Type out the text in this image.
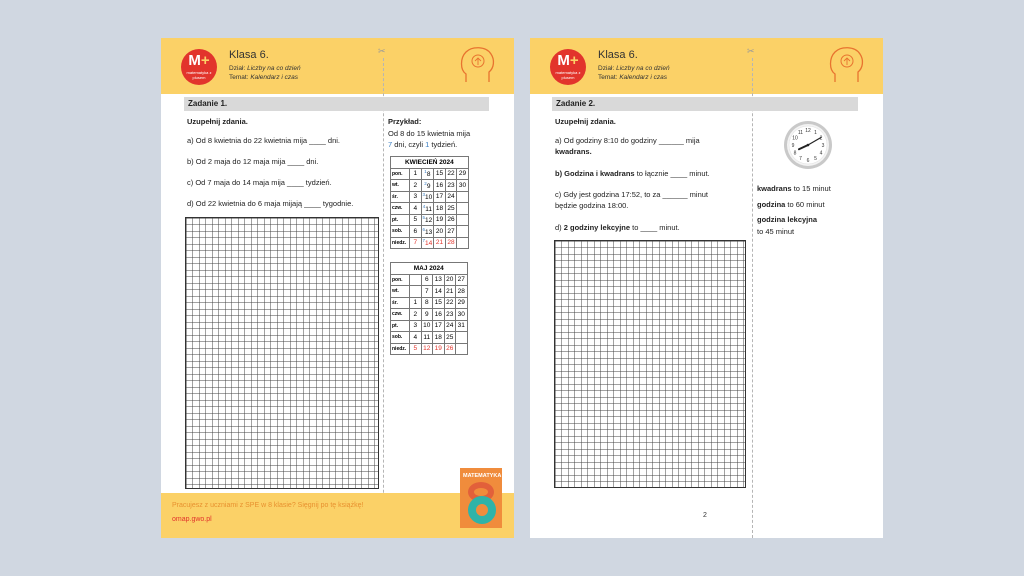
M+
matematyka z plusem
Klasa 6.
Dział: Liczby na co dzień
Temat: Kalendarz i czas
✂
Zadanie 1.
Uzupełnij zdania.
a) Od 8 kwietnia do 22 kwietnia mija ____ dni.
b) Od 2 maja do 12 maja mija ____ dni.
c) Od 7 maja do 14 maja mija ____ tydzień.
d) Od 22 kwietnia do 6 maja mijają ____ tygodnie.
Przykład:
Od 8 do 15 kwietnia mija
7 dni, czyli 1 tydzień.
KWIECIEŃ 2024					
pon.	1	$^1$8	15	22	29
wt.	2	$^2$9	16	23	30
śr.	3	$^3$10	17	24	
czw.	4	$^4$11	18	25	
pt.	5	$^5$12	19	26	
sob.	6	$^6$13	20	27	
niedz.	7	$^7$14	21	28	
MAJ 2024					
pon.		6	13	20	27
wt.		7	14	21	28
śr.	1	8	15	22	29
czw.	2	9	16	23	30
pt.	3	10	17	24	31
sob.	4	11	18	25	
niedz.	5	12	19	26	
Pracujesz z uczniami z SPE w 8 klasie? Sięgnij po tę książkę!
omap.gwo.pl
MATEMATYKA
M+
matematyka z plusem
Klasa 6.
Dział: Liczby na co dzień
Temat: Kalendarz i czas
✂
Zadanie 2.
Uzupełnij zdania.
a) Od godziny 8:10 do godziny ______ mija
kwadrans.
b) Godzina i kwadrans to łącznie ____ minut.
c) Gdy jest godzina 17:52, to za ______ minut
będzie godzina 18:00.
d) 2 godziny lekcyjne to ____ minut.
12 1
2
3
4
5
6
7
8
9
10
11
kwadrans to 15 minut
godzina to 60 minut
godzina lekcyjna
to 45 minut
2
